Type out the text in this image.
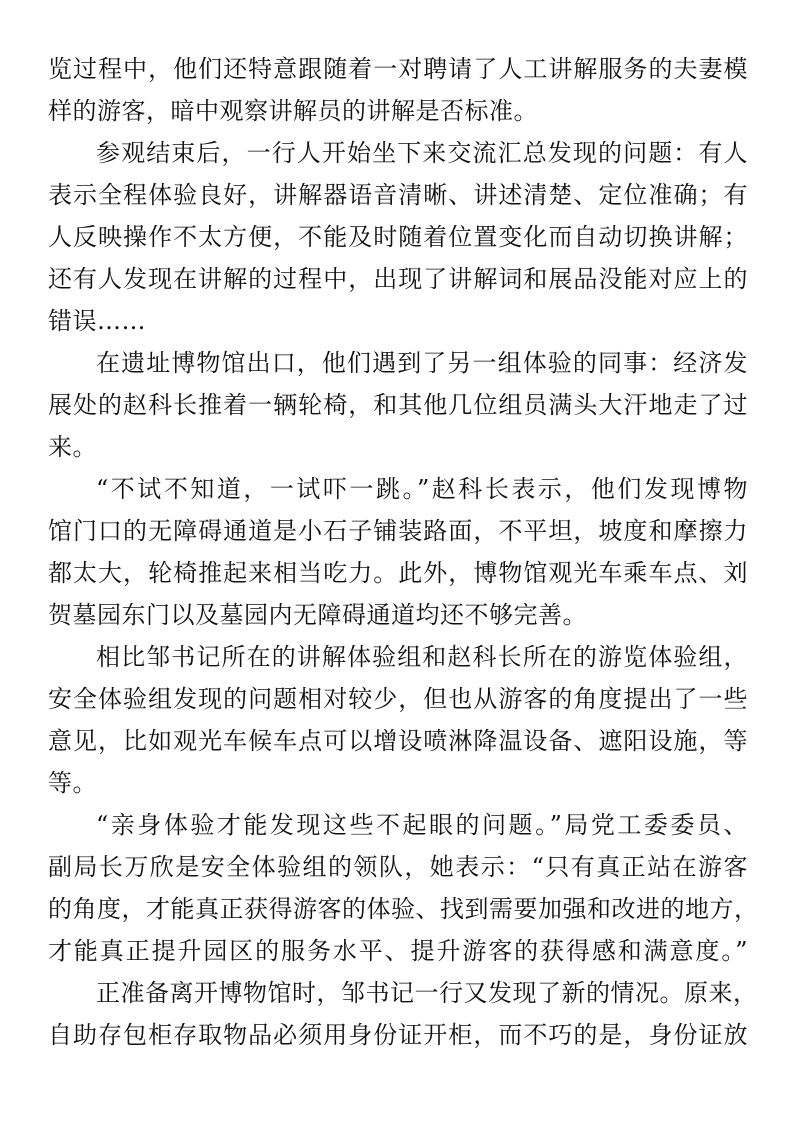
览过程中，他们还特意跟随着一对聘请了人工讲解服务的夫妻模
样的游客，暗中观察讲解员的讲解是否标准。
参观结束后，一行人开始坐下来交流汇总发现的问题：有人
表示全程体验良好，讲解器语音清晰、讲述清楚、定位准确；有
人反映操作不太方便，不能及时随着位置变化而自动切换讲解；
还有人发现在讲解的过程中，出现了讲解词和展品没能对应上的
错误……
在遗址博物馆出口，他们遇到了另一组体验的同事：经济发
展处的赵科长推着一辆轮椅，和其他几位组员满头大汗地走了过
来。
“不试不知道，一试吓一跳。”赵科长表示，他们发现博物
馆门口的无障碍通道是小石子铺装路面，不平坦，坡度和摩擦力
都太大，轮椅推起来相当吃力。此外，博物馆观光车乘车点、刘
贺墓园东门以及墓园内无障碍通道均还不够完善。
相比邹书记所在的讲解体验组和赵科长所在的游览体验组，
安全体验组发现的问题相对较少，但也从游客的角度提出了一些
意见，比如观光车候车点可以增设喷淋降温设备、遮阳设施，等
等。
“亲身体验才能发现这些不起眼的问题。”局党工委委员、
副局长万欣是安全体验组的领队，她表示：“只有真正站在游客
的角度，才能真正获得游客的体验、找到需要加强和改进的地方，
才能真正提升园区的服务水平、提升游客的获得感和满意度。”
正准备离开博物馆时，邹书记一行又发现了新的情况。原来，
自助存包柜存取物品必须用身份证开柜，而不巧的是，身份证放
